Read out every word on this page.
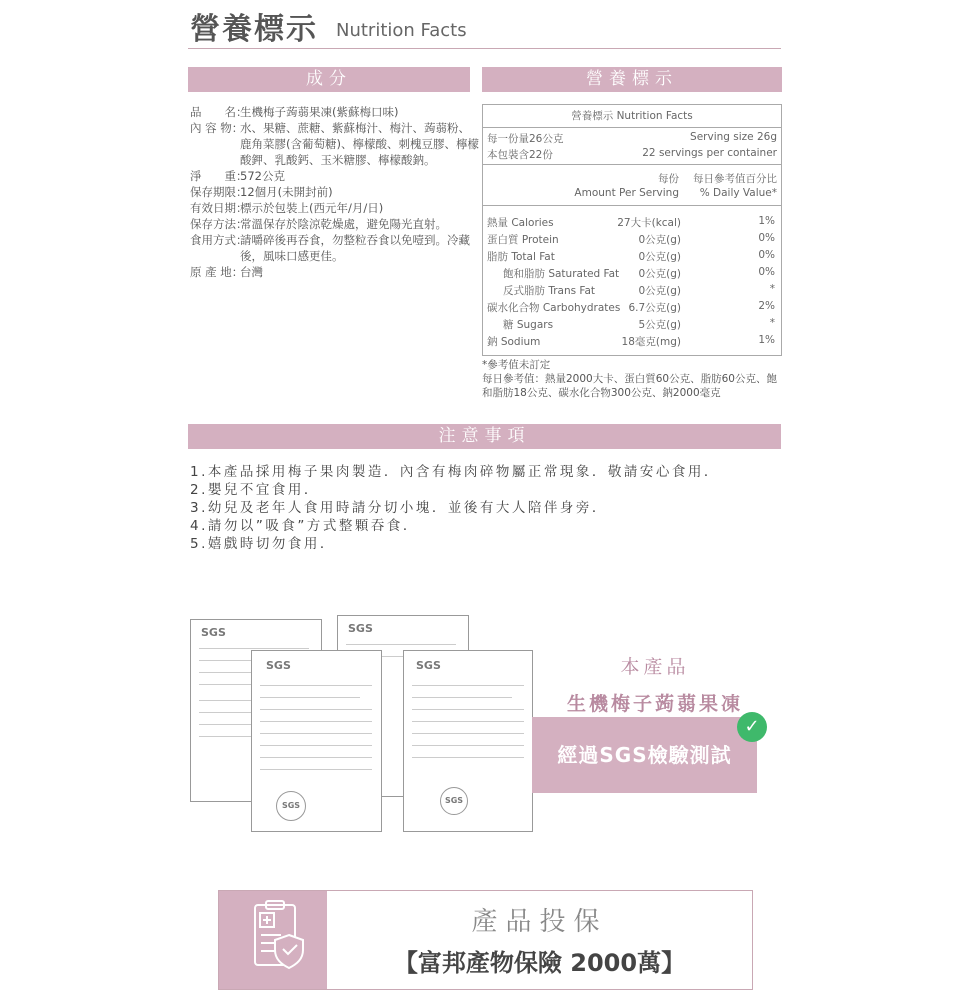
營養標示 Nutrition Facts
成分	營養標示
品　　名：
生機梅子蒟蒻果凍(紫蘇梅口味)
內 容 物：
水、果糖、蔗糖、紫蘇梅汁、梅汁、蒟蒻粉、鹿角菜膠(含葡萄糖)、檸檬酸、刺槐豆膠、檸檬酸鉀、乳酸鈣、玉米糖膠、檸檬酸鈉。
淨　　重：
572公克
保存期限：
12個月(未開封前)
有效日期：
標示於包裝上(西元年/月/日)
保存方法：
常溫保存於陰涼乾燥處，避免陽光直射。
食用方式：
請嚼碎後再吞食，勿整粒吞食以免噎到。冷藏後，風味口感更佳。
原 產 地：
台灣
營養標示 Nutrition Facts
每一份量26公克	Serving size 26g
本包裝含22份	22 servings per container
每份 每日參考值百分比
Amount Per Serving % Daily Value*
熱量 Calories	27大卡(kcal)	1%
蛋白質 Protein	0公克(g)	0%
脂肪 Total Fat	0公克(g)	0%
飽和脂肪 Saturated Fat 0公克(g)	0%
反式脂肪 Trans Fat	0公克(g)	*
碳水化合物 Carbohydrates 6.7公克(g)	2%
糖 Sugars	5公克(g)	*
鈉 Sodium	18毫克(mg)	1%
*參考值未訂定
每日參考值：熱量2000大卡、蛋白質60公克、脂肪60公克、飽和脂肪18公克、碳水化合物300公克、鈉2000毫克
注意事項
1.本產品採用梅子果肉製造．內含有梅肉碎物屬正常現象．敬請安心食用．
2.嬰兒不宜食用．
3.幼兒及老年人食用時請分切小塊．並後有大人陪伴身旁．
4.請勿以”吸食”方式整顆吞食．
5.嬉戲時切勿食用．
SGS	SGS
SGS
SGS
SGS
SGS
本產品
生機梅子蒟蒻果凍
經過SGS檢驗測試
✓
產品投保
【富邦產物保險 2000萬】
